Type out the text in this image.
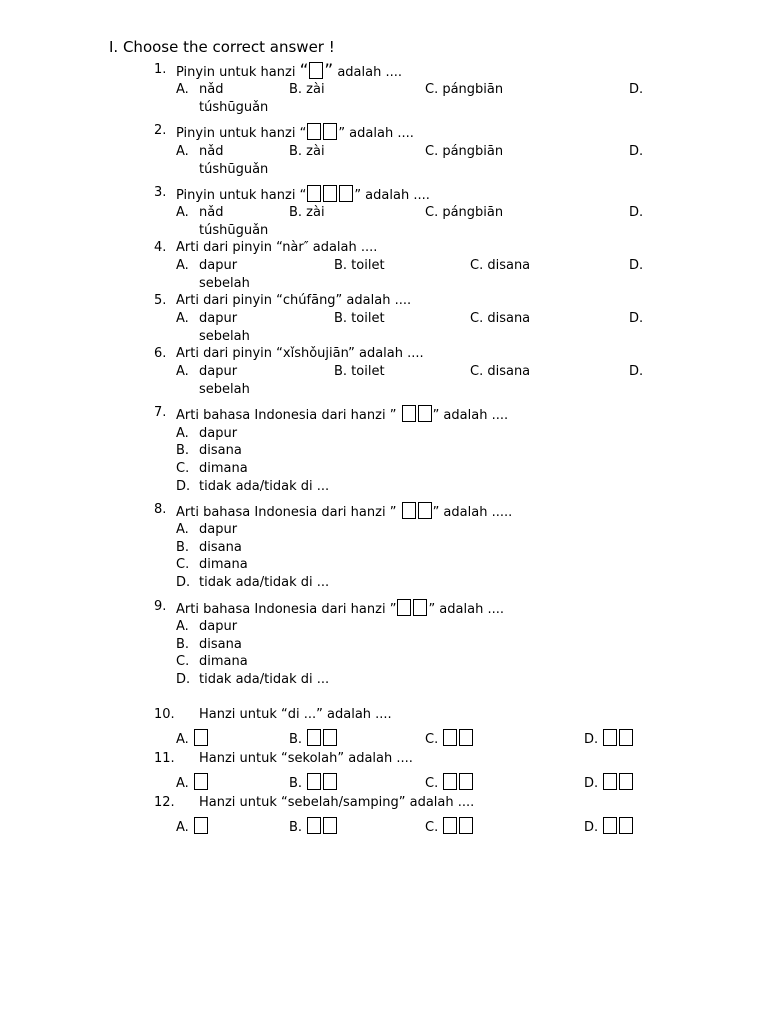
I. Choose the correct answer !
1. Pinyin untuk hanzi “ ” adalah ....
A. nǎd	B. zài	C. pángbiān	D.
túshūguǎn
2. Pinyin untuk hanzi “ ” adalah ....
A. nǎd	B. zài	C. pángbiān	D.
túshūguǎn
3. Pinyin untuk hanzi “	” adalah ....
A. nǎd	B. zài	C. pángbiān	D.
túshūguǎn
4. Arti dari pinyin “nàr″ adalah ....
A. dapur	B. toilet	C. disana	D.
sebelah
5. Arti dari pinyin “chúfāng” adalah ....
A. dapur	B. toilet	C. disana	D.
sebelah
6. Arti dari pinyin “xǐshǒujiān” adalah ....
A. dapur	B. toilet	C. disana	D.
sebelah
7. Arti bahasa Indonesia dari hanzi ” ” adalah ....
A. dapur
B. disana
C. dimana
D. tidak ada/tidak di ...
8. Arti bahasa Indonesia dari hanzi ” ” adalah .....
A. dapur
B. disana
C. dimana
D. tidak ada/tidak di ...
9. Arti bahasa Indonesia dari hanzi ” ” adalah ....
A. dapur
B. disana
C. dimana
D. tidak ada/tidak di ...
10. Hanzi untuk “di ...” adalah ....
A.	B.	C.	D.
11. Hanzi untuk “sekolah” adalah ....
A.	B.	C.	D.
12. Hanzi untuk “sebelah/samping” adalah ....
A.	B.	C.	D.
